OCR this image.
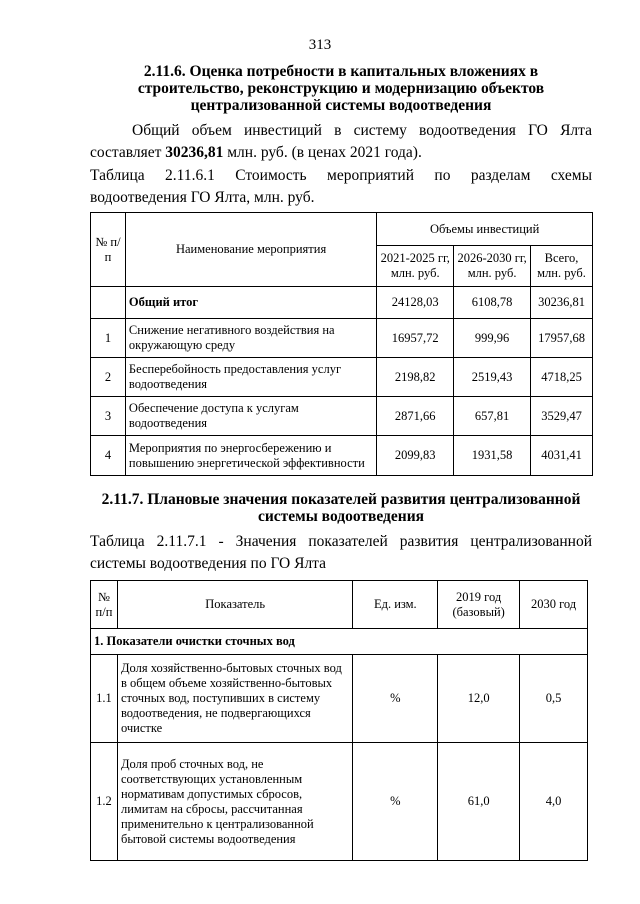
313
2.11.6. Оценка потребности в капитальных вложениях в строительство, реконструкцию и модернизацию объектов централизованной системы водоотведения
Общий объем инвестиций в систему водоотведения ГО Ялта составляет 30236,81 млн. руб. (в ценах 2021 года).
Таблица 2.11.6.1 Стоимость мероприятий по разделам схемы водоотведения ГО Ялта, млн. руб.
№ п/п	Наименование мероприятия	Объемы инвестиций		
		2021-2025 гг, млн. руб.	2026-2030 гг, млн. руб.	Всего, млн. руб.
	Общий итог	24128,03	6108,78	30236,81
1	Снижение негативного воздействия на окружающую среду	16957,72	999,96	17957,68
2	Бесперебойность предоставления услуг водоотведения	2198,82	2519,43	4718,25
3	Обеспечение доступа к услугам водоотведения	2871,66	657,81	3529,47
4	Мероприятия по энергосбережению и повышению энергетической эффективности	2099,83	1931,58	4031,41
2.11.7. Плановые значения показателей развития централизованной системы водоотведения
Таблица 2.11.7.1 - Значения показателей развития централизованной системы водоотведения по ГО Ялта
№ п/п	Показатель	Ед. изм.	2019 год (базовый)	2030 год
1. Показатели очистки сточных вод				
1.1	Доля хозяйственно-бытовых сточных вод в общем объеме хозяйственно-бытовых сточных вод, поступивших в систему водоотведения, не подвергающихся очистке	%	12,0	0,5
1.2	Доля проб сточных вод, не соответствующих установленным нормативам допустимых сбросов, лимитам на сбросы, рассчитанная применительно к централизованной бытовой системы водоотведения	%	61,0	4,0
